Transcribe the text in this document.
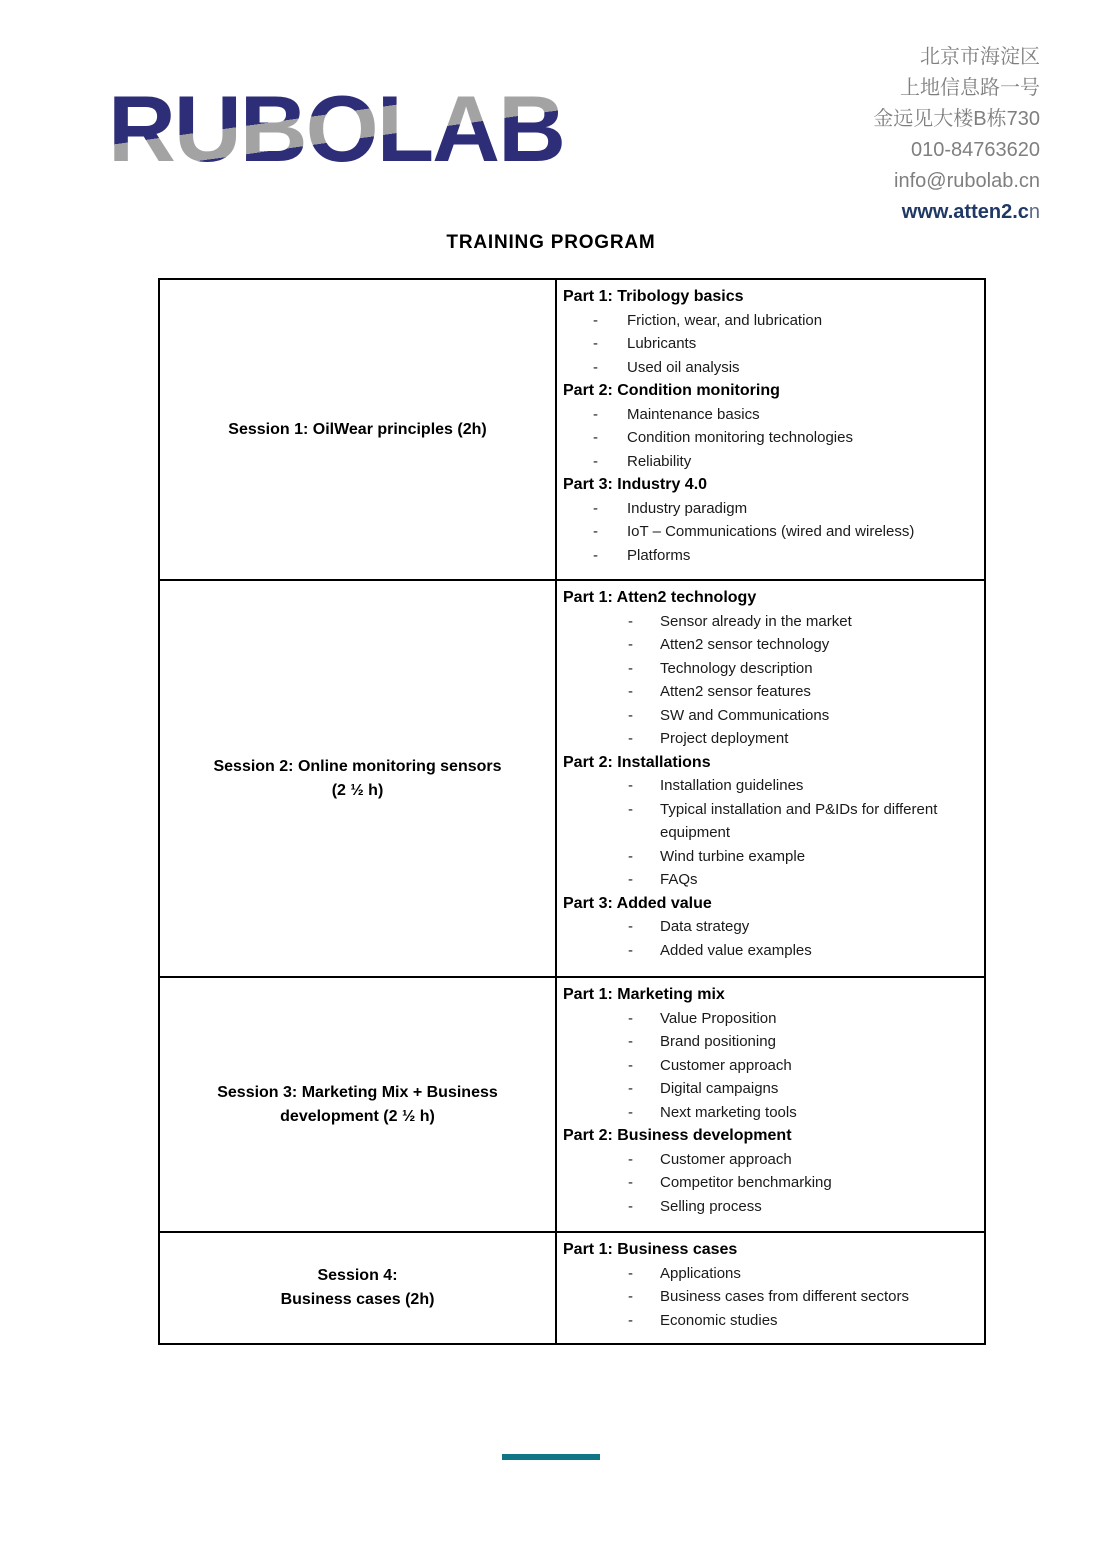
RUBOLAB
北京市海淀区
上地信息路一号
金远见大楼B栋730
010-84763620
info@rubolab.cn
www.atten2.cn
TRAINING PROGRAM
Session 1: OilWear principles (2h)
Part 1: Tribology basics
-	Friction, wear, and lubrication
-	Lubricants
-	Used oil analysis
Part 2: Condition monitoring
-	Maintenance basics
-	Condition monitoring technologies
-	Reliability
Part 3: Industry 4.0
-	Industry paradigm
-	IoT – Communications (wired and wireless)
-	Platforms
Session 2: Online monitoring sensors
(2 ½ h)
Part 1: Atten2 technology
-	Sensor already in the market
-	Atten2 sensor technology
-	Technology description
-	Atten2 sensor features
-	SW and Communications
-	Project deployment
Part 2: Installations
-	Installation guidelines
-	Typical installation and P&IDs for different equipment
-	Wind turbine example
-	FAQs
Part 3: Added value
-	Data strategy
-	Added value examples
Session 3: Marketing Mix + Business
development (2 ½ h)
Part 1: Marketing mix
-	Value Proposition
-	Brand positioning
-	Customer approach
-	Digital campaigns
-	Next marketing tools
Part 2: Business development
-	Customer approach
-	Competitor benchmarking
-	Selling process
Session 4:
Business cases (2h)
Part 1: Business cases
-	Applications
-	Business cases from different sectors
-	Economic studies
